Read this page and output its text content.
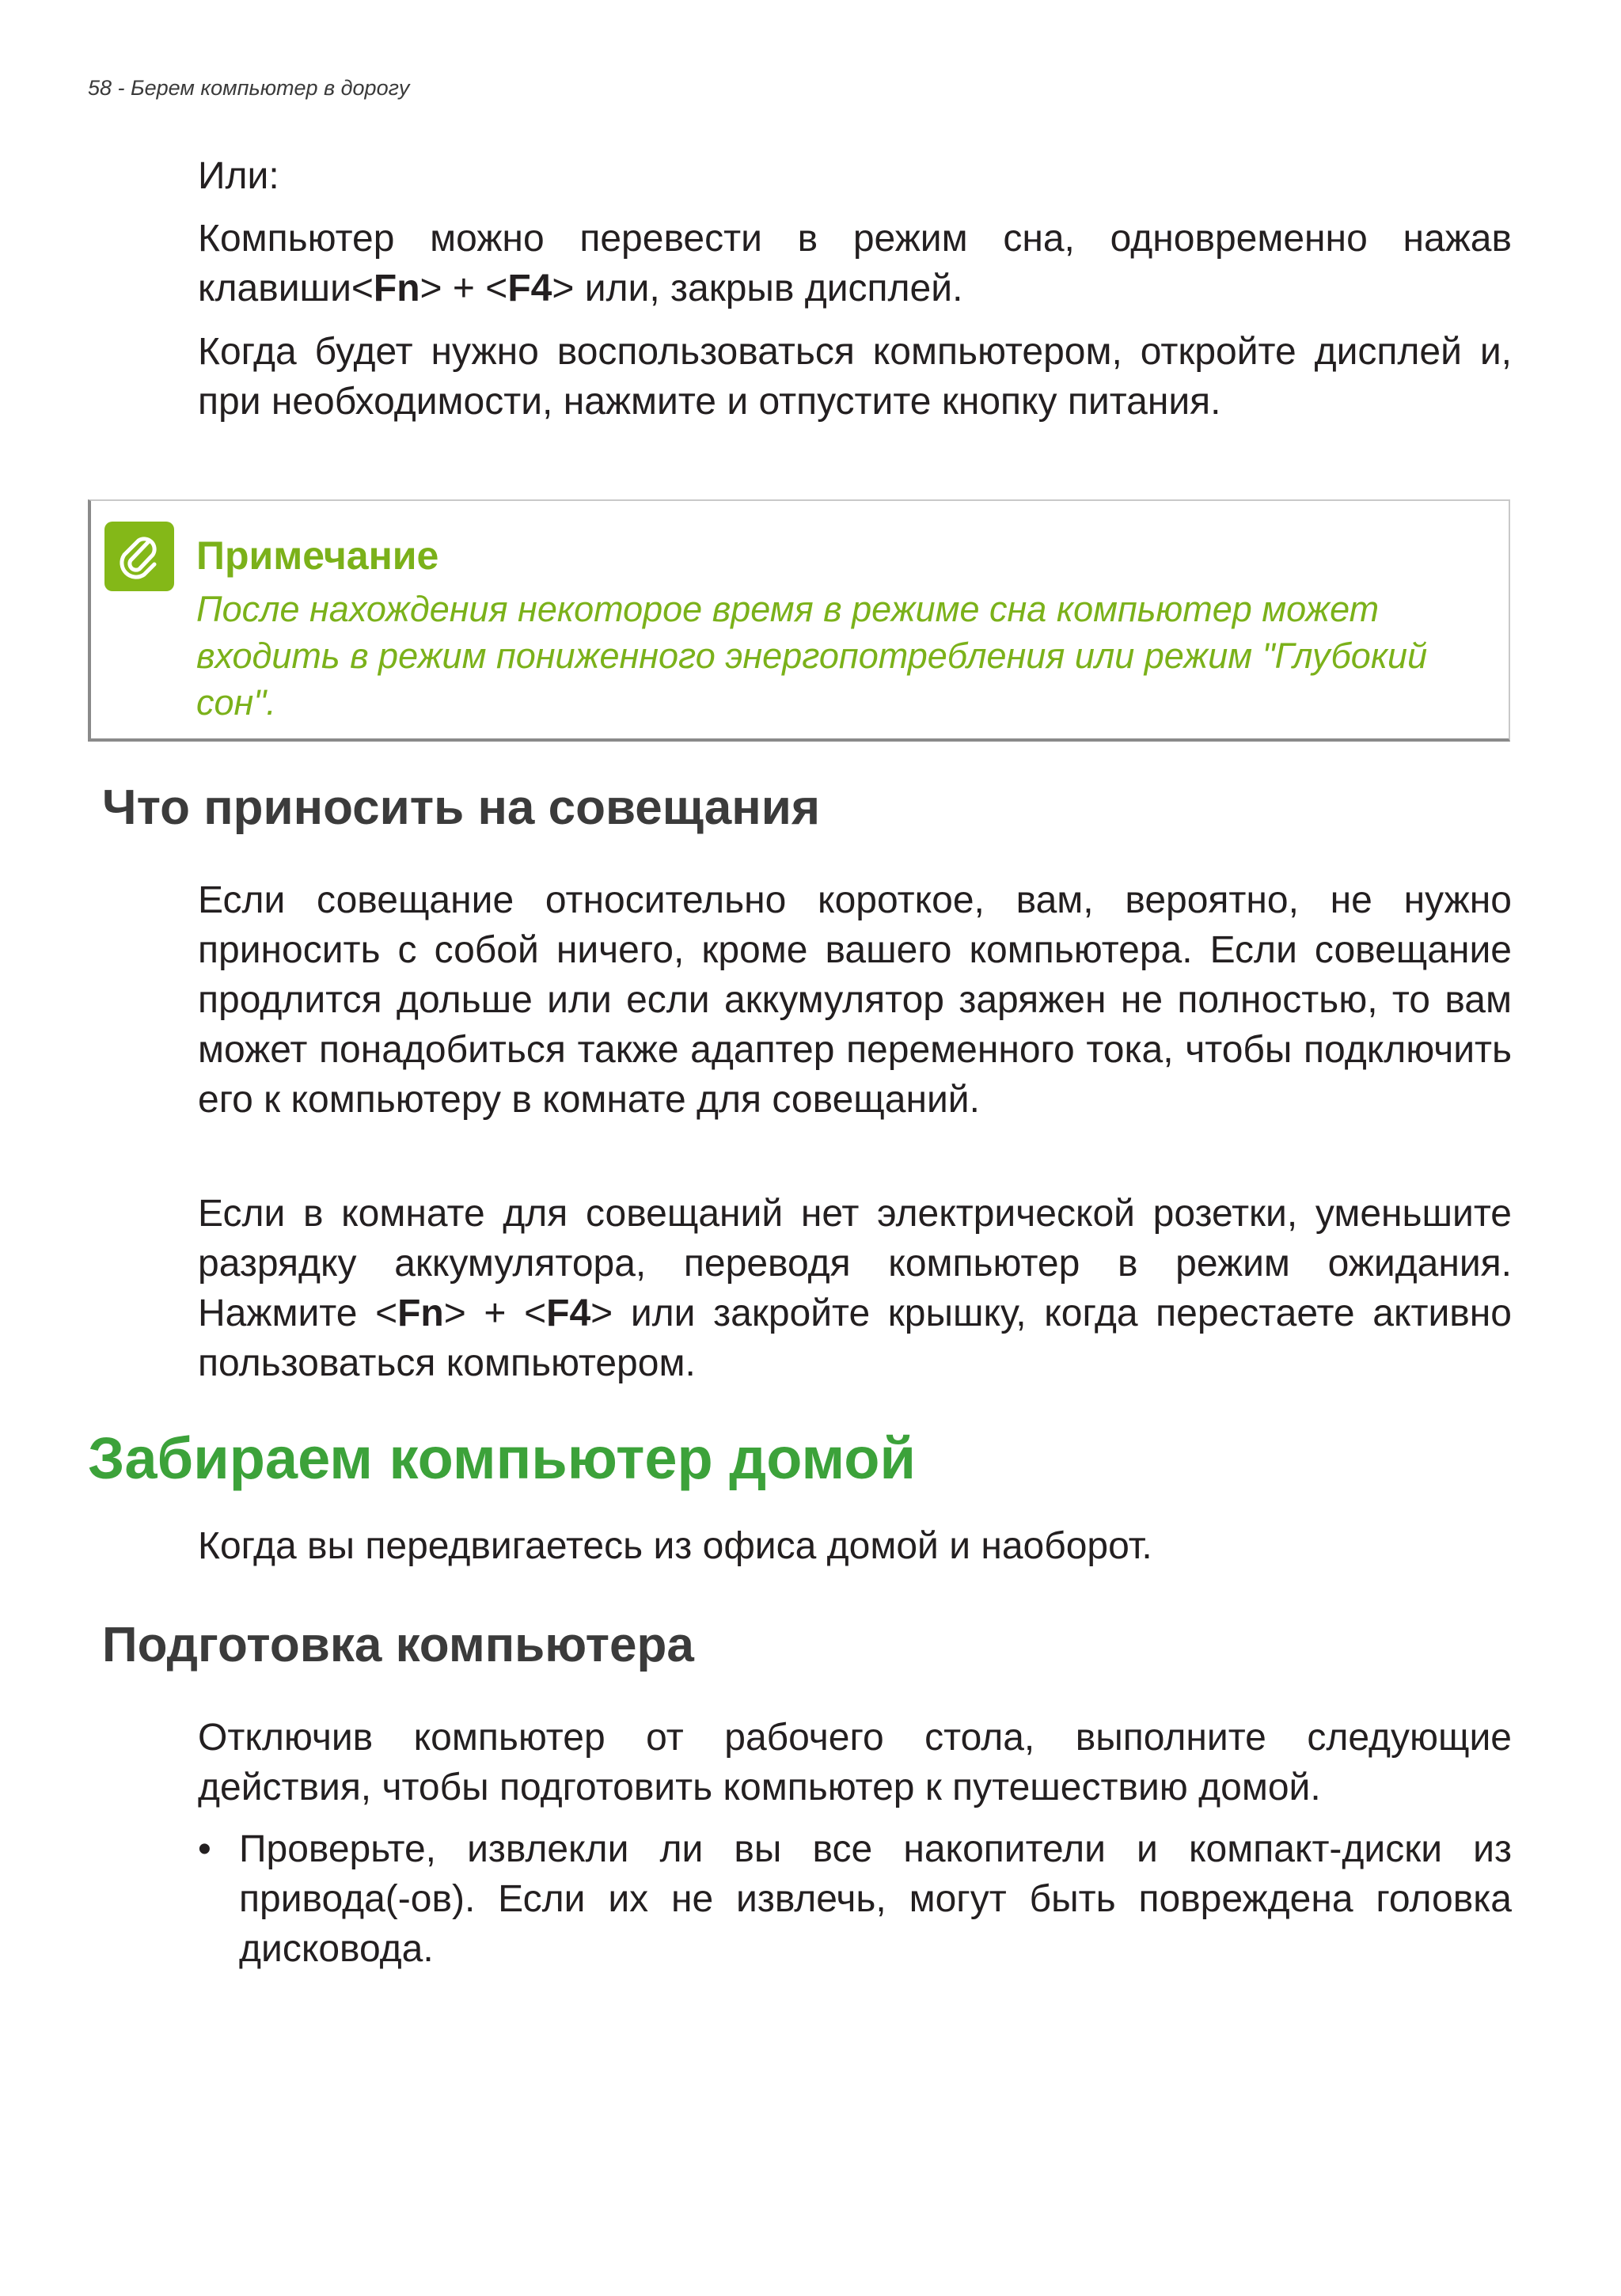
58 - Берем компьютер в дорогу

Или:

Компьютер можно перевести в режим сна, одновременно нажав клавиши<Fn> + <F4> или, закрыв дисплей.

Когда будет нужно воспользоваться компьютером, откройте дисплей и, при необходимости, нажмите и отпустите кнопку питания.

Примечание
После нахождения некоторое время в режиме сна компьютер может входить в режим пониженного энергопотребления или режим "Глубокий сон".
Что приносить на совещания

Если совещание относительно короткое, вам, вероятно, не нужно приносить с собой ничего, кроме вашего компьютера. Если совещание продлится дольше или если аккумулятор заряжен не полностью, то вам может понадобиться также адаптер переменного тока, чтобы подключить его к компьютеру в комнате для совещаний.

Если в комнате для совещаний нет электрической розетки, уменьшите разрядку аккумулятора, переводя компьютер в режим ожидания. Нажмите <Fn> + <F4> или закройте крышку, когда перестаете активно пользоваться компьютером.

Забираем компьютер домой

Когда вы передвигаетесь из офиса домой и наоборот.

Подготовка компьютера

Отключив компьютер от рабочего стола, выполните следующие действия, чтобы подготовить компьютер к путешествию домой.

• Проверьте, извлекли ли вы все накопители и компакт-диски из привода(-ов). Если их не извлечь, могут быть повреждена головка дисковода.
